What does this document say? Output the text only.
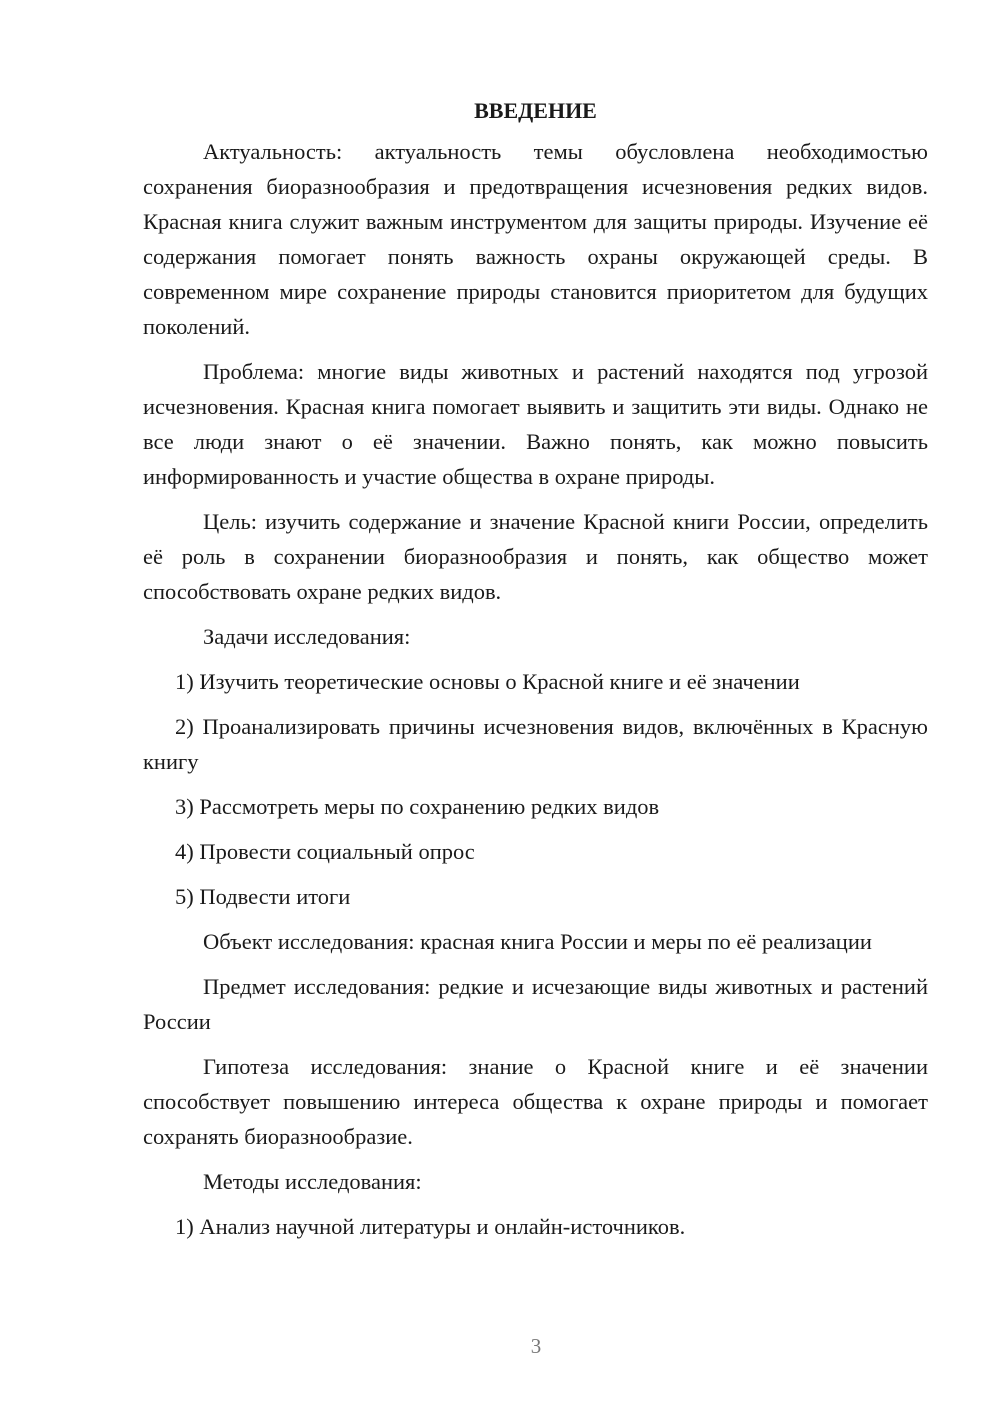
ВВЕДЕНИЕ

Актуальность: актуальность темы обусловлена необходимостью сохранения биоразнообразия и предотвращения исчезновения редких видов. Красная книга служит важным инструментом для защиты природы. Изучение её содержания помогает понять важность охраны окружающей среды. В современном мире сохранение природы становится приоритетом для будущих поколений.

Проблема: многие виды животных и растений находятся под угрозой исчезновения. Красная книга помогает выявить и защитить эти виды. Однако не все люди знают о её значении. Важно понять, как можно повысить информированность и участие общества в охране природы.

Цель: изучить содержание и значение Красной книги России, определить её роль в сохранении биоразнообразия и понять, как общество может способствовать охране редких видов.

Задачи исследования:

1) Изучить теоретические основы о Красной книге и её значении

2) Проанализировать причины исчезновения видов, включённых в Красную книгу

3) Рассмотреть меры по сохранению редких видов

4) Провести социальный опрос

5) Подвести итоги

Объект исследования: красная книга России и меры по её реализации

Предмет исследования: редкие и исчезающие виды животных и растений России

Гипотеза исследования: знание о Красной книге и её значении способствует повышению интереса общества к охране природы и помогает сохранять биоразнообразие.

Методы исследования:

1) Анализ научной литературы и онлайн-источников.

3
